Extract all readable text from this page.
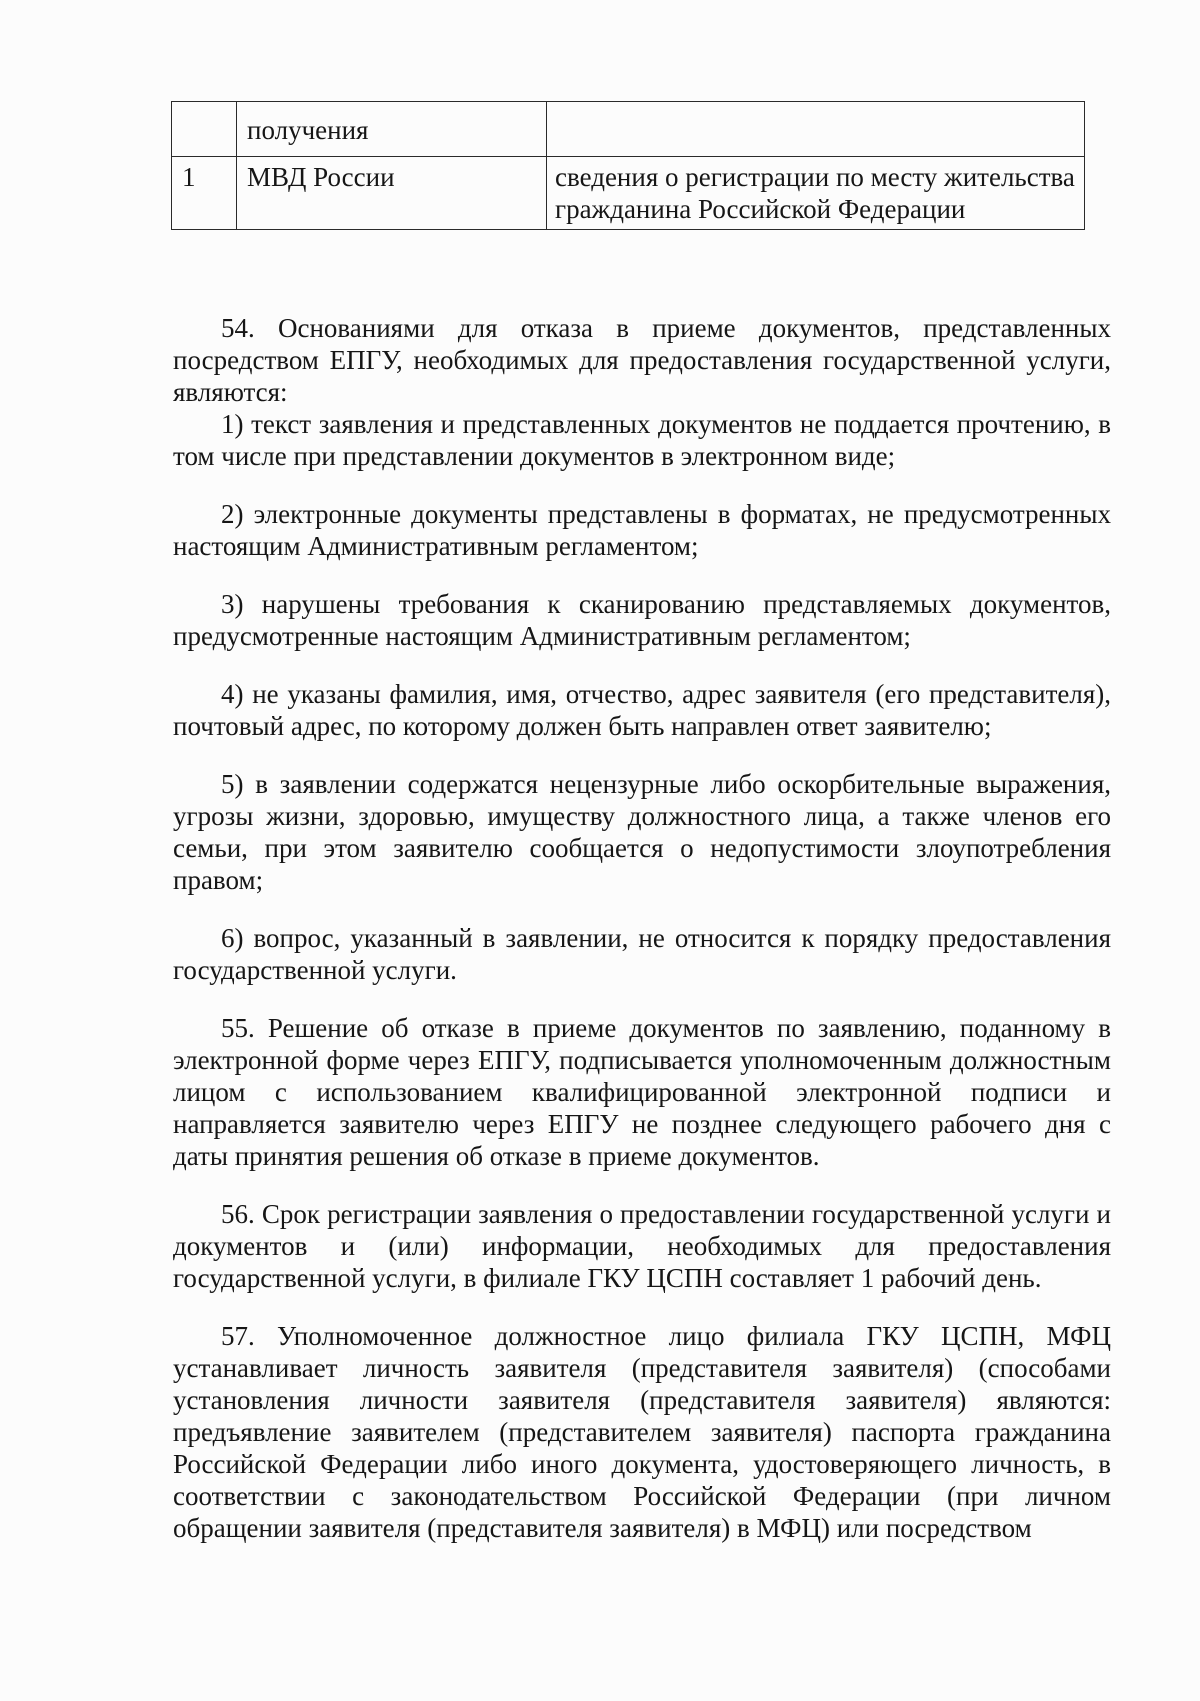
	получения	
1	МВД России	сведения о регистрации по месту жительства гражданина Российской Федерации

54. Основаниями для отказа в приеме документов, представленных посредством ЕПГУ, необходимых для предоставления государственной услуги, являются:

1) текст заявления и представленных документов не поддается прочтению, в том числе при представлении документов в электронном виде;

2) электронные документы представлены в форматах, не предусмотренных настоящим Административным регламентом;

3) нарушены требования к сканированию представляемых документов, предусмотренные настоящим Административным регламентом;

4) не указаны фамилия, имя, отчество, адрес заявителя (его представителя), почтовый адрес, по которому должен быть направлен ответ заявителю;

5) в заявлении содержатся нецензурные либо оскорбительные выражения, угрозы жизни, здоровью, имуществу должностного лица, а также членов его семьи, при этом заявителю сообщается о недопустимости злоупотребления правом;

6) вопрос, указанный в заявлении, не относится к порядку предоставления государственной услуги.

55. Решение об отказе в приеме документов по заявлению, поданному в электронной форме через ЕПГУ, подписывается уполномоченным должностным лицом с использованием квалифицированной электронной подписи и направляется заявителю через ЕПГУ не позднее следующего рабочего дня с даты принятия решения об отказе в приеме документов.

56. Срок регистрации заявления о предоставлении государственной услуги и документов и (или) информации, необходимых для предоставления государственной услуги, в филиале ГКУ ЦСПН составляет 1 рабочий день.

57. Уполномоченное должностное лицо филиала ГКУ ЦСПН, МФЦ устанавливает личность заявителя (представителя заявителя) (способами установления личности заявителя (представителя заявителя) являются: предъявление заявителем (представителем заявителя) паспорта гражданина Российской Федерации либо иного документа, удостоверяющего личность, в соответствии с законодательством Российской Федерации (при личном обращении заявителя (представителя заявителя) в МФЦ) или посредством
